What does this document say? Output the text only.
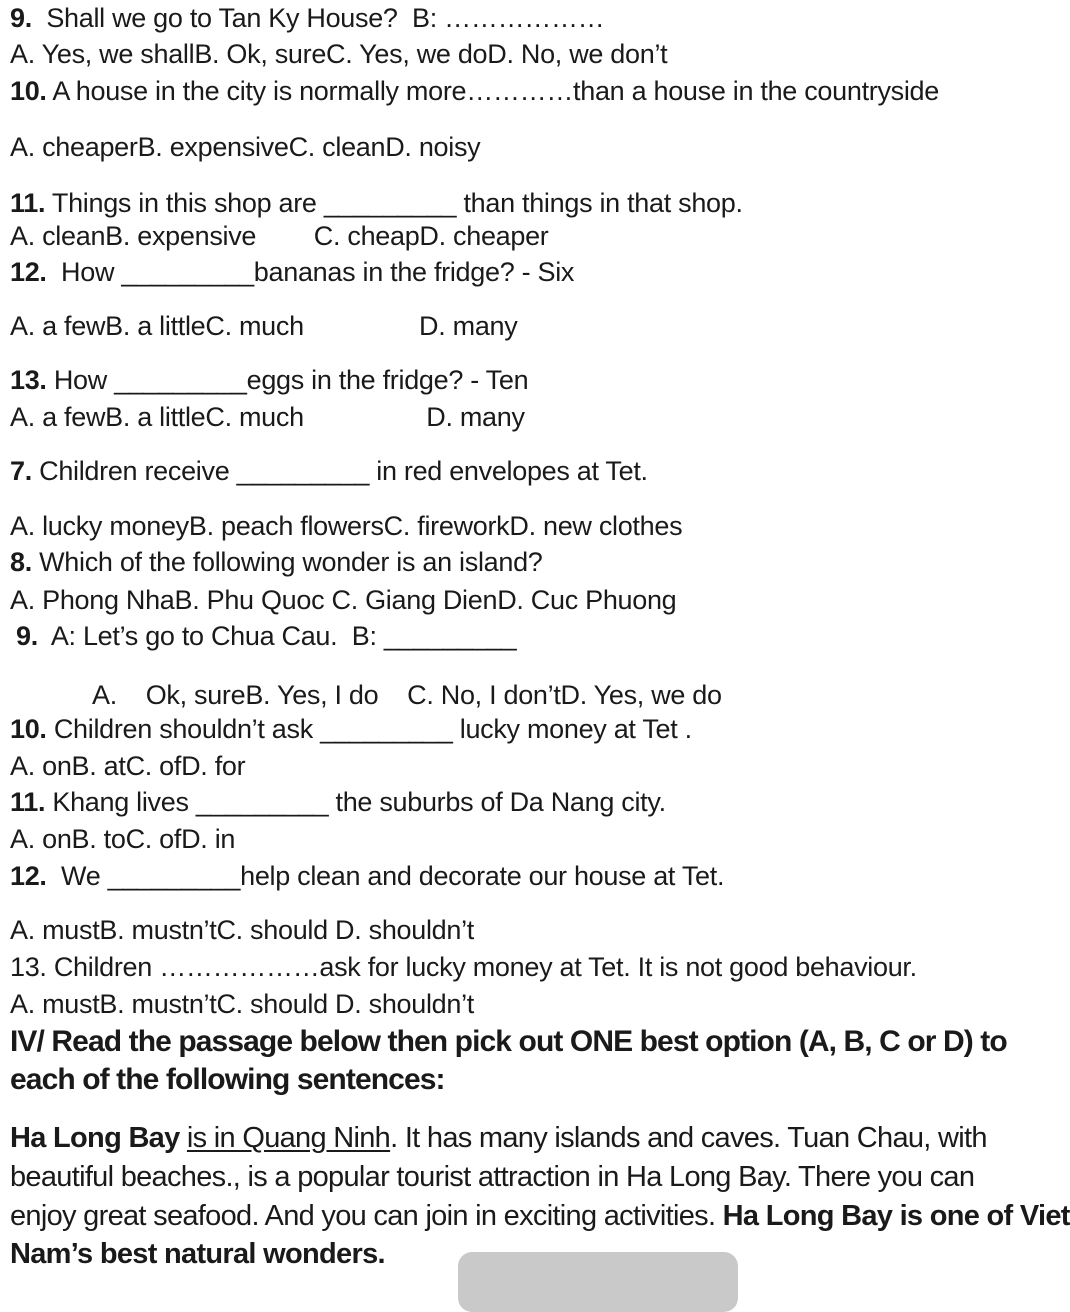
9.  Shall we go to Tan Ky House?  B: ………………
A. Yes, we shallB. Ok, sureC. Yes, we doD. No, we don’t
10. A house in the city is normally more…………than a house in the countryside
A. cheaperB. expensiveC. cleanD. noisy
11. Things in this shop are _________ than things in that shop.
A. cleanB. expensive        C. cheapD. cheaper
12.  How _________bananas in the fridge? - Six
A. a fewB. a littleC. much                D. many
13. How _________eggs in the fridge? - Ten
A. a fewB. a littleC. much                 D. many
7. Children receive _________ in red envelopes at Tet.
A. lucky moneyB. peach flowersC. fireworkD. new clothes
8. Which of the following wonder is an island?
A. Phong NhaB. Phu Quoc C. Giang DienD. Cuc Phuong
9.  A: Let’s go to Chua Cau.  B: _________
A.    Ok, sureB. Yes, I do    C. No, I don’tD. Yes, we do
10. Children shouldn’t ask _________ lucky money at Tet .
A. onB. atC. ofD. for
11. Khang lives _________ the suburbs of Da Nang city.
A. onB. toC. ofD. in
12.  We _________help clean and decorate our house at Tet.
A. mustB. mustn’tC. should D. shouldn’t
13. Children ………………ask for lucky money at Tet. It is not good behaviour.
A. mustB. mustn’tC. should D. shouldn’t
IV/ Read the passage below then pick out ONE best option (A, B, C or D) to
each of the following sentences:
Ha Long Bay is in Quang Ninh. It has many islands and caves. Tuan Chau, with
beautiful beaches., is a popular tourist attraction in Ha Long Bay. There you can
enjoy great seafood. And you can join in exciting activities. Ha Long Bay is one of Viet
Nam’s best natural wonders.
